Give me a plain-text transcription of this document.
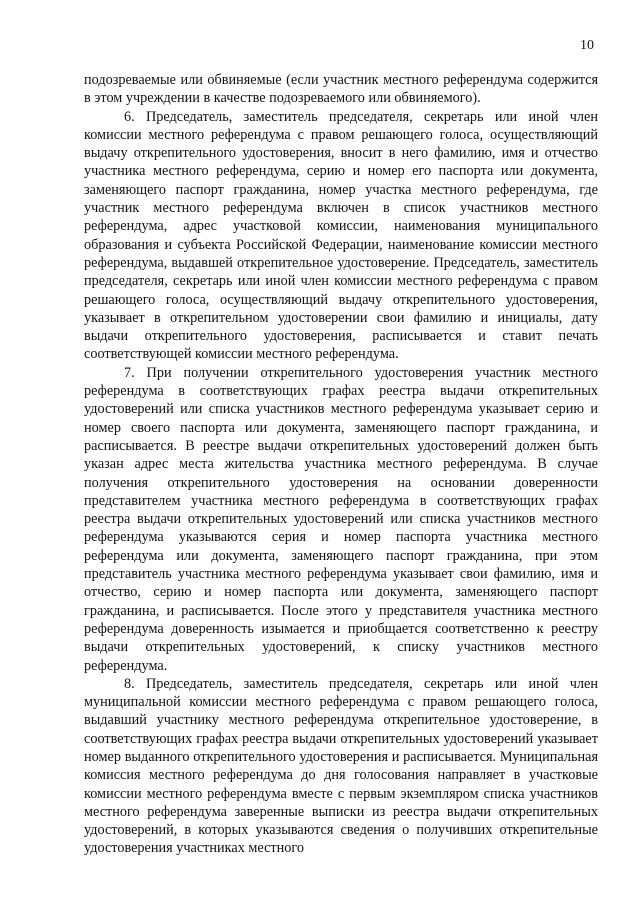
10

подозреваемые или обвиняемые (если участник местного референдума содержится в этом учреждении в качестве подозреваемого или обвиняемого).

6. Председатель, заместитель председателя, секретарь или иной член комиссии местного референдума с правом решающего голоса, осуществляющий выдачу открепительного удостоверения, вносит в него фамилию, имя и отчество участника местного референдума, серию и номер его паспорта или документа, заменяющего паспорт гражданина, номер участка местного референдума, где участник местного референдума включен в список участников местного референдума, адрес участковой комиссии, наименования муниципального образования и субъекта Российской Федерации, наименование комиссии местного референдума, выдавшей открепительное удостоверение. Председатель, заместитель председателя, секретарь или иной член комиссии местного референдума с правом решающего голоса, осуществляющий выдачу открепительного удостоверения, указывает в открепительном удостоверении свои фамилию и инициалы, дату выдачи открепительного удостоверения, расписывается и ставит печать соответствующей комиссии местного референдума.

7. При получении открепительного удостоверения участник местного референдума в соответствующих графах реестра выдачи открепительных удостоверений или списка участников местного референдума указывает серию и номер своего паспорта или документа, заменяющего паспорт гражданина, и расписывается. В реестре выдачи открепительных удостоверений должен быть указан адрес места жительства участника местного референдума. В случае получения открепительного удостоверения на основании доверенности представителем участника местного референдума в соответствующих графах реестра выдачи открепительных удостоверений или списка участников местного референдума указываются серия и номер паспорта участника местного референдума или документа, заменяющего паспорт гражданина, при этом представитель участника местного референдума указывает свои фамилию, имя и отчество, серию и номер паспорта или документа, заменяющего паспорт гражданина, и расписывается. После этого у представителя участника местного референдума доверенность изымается и приобщается соответственно к реестру выдачи открепительных удостоверений, к списку участников местного референдума.

8. Председатель, заместитель председателя, секретарь или иной член муниципальной комиссии местного референдума с правом решающего голоса, выдавший участнику местного референдума открепительное удостоверение, в соответствующих графах реестра выдачи открепительных удостоверений указывает номер выданного открепительного удостоверения и расписывается. Муниципальная комиссия местного референдума до дня голосования направляет в участковые комиссии местного референдума вместе с первым экземпляром списка участников местного референдума заверенные выписки из реестра выдачи открепительных удостоверений, в которых указываются сведения о получивших открепительные удостоверения участниках местного
